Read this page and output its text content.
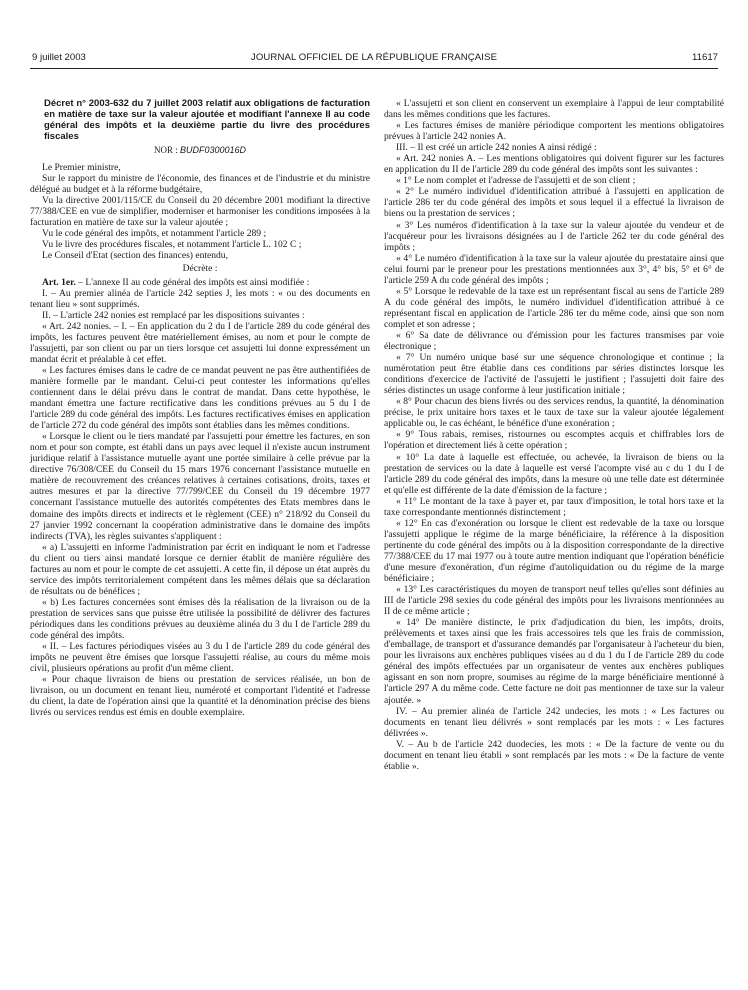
9 juillet 2003	JOURNAL OFFICIEL DE LA RÉPUBLIQUE FRANÇAISE	11617

Décret n° 2003-632 du 7 juillet 2003 relatif aux obligations de facturation en matière de taxe sur la valeur ajoutée et modifiant l'annexe II au code général des impôts et la deuxième partie du livre des procédures fiscales

NOR : BUDF0300016D

Le Premier ministre,

Sur le rapport du ministre de l'économie, des finances et de l'industrie et du ministre délégué au budget et à la réforme budgétaire,

Vu la directive 2001/115/CE du Conseil du 20 décembre 2001 modifiant la directive 77/388/CEE en vue de simplifier, moderniser et harmoniser les conditions imposées à la facturation en matière de taxe sur la valeur ajoutée ;

Vu le code général des impôts, et notamment l'article 289 ;

Vu le livre des procédures fiscales, et notamment l'article L. 102 C ;

Le Conseil d'Etat (section des finances) entendu,

Décrète :

Art. 1er. – L'annexe II au code général des impôts est ainsi modifiée :

I. – Au premier alinéa de l'article 242 septies J, les mots : « ou des documents en tenant lieu » sont supprimés.

II. – L'article 242 nonies est remplacé par les dispositions suivantes :

« Art. 242 nonies. – I. – En application du 2 du I de l'article 289 du code général des impôts, les factures peuvent être matériellement émises, au nom et pour le compte de l'assujetti, par son client ou par un tiers lorsque cet assujetti lui donne expressément un mandat écrit et préalable à cet effet.

« Les factures émises dans le cadre de ce mandat peuvent ne pas être authentifiées de manière formelle par le mandant. Celui-ci peut contester les informations qu'elles contiennent dans le délai prévu dans le contrat de mandat. Dans cette hypothèse, le mandant émettra une facture rectificative dans les conditions prévues au 5 du I de l'article 289 du code général des impôts. Les factures rectificatives émises en application de l'article 272 du code général des impôts sont établies dans les mêmes conditions.

« Lorsque le client ou le tiers mandaté par l'assujetti pour émettre les factures, en son nom et pour son compte, est établi dans un pays avec lequel il n'existe aucun instrument juridique relatif à l'assistance mutuelle ayant une portée similaire à celle prévue par la directive 76/308/CEE du Conseil du 15 mars 1976 concernant l'assistance mutuelle en matière de recouvrement des créances relatives à certaines cotisations, droits, taxes et autres mesures et par la directive 77/799/CEE du Conseil du 19 décembre 1977 concernant l'assistance mutuelle des autorités compétentes des Etats membres dans le domaine des impôts directs et indirects et le règlement (CEE) n° 218/92 du Conseil du 27 janvier 1992 concernant la coopération administrative dans le domaine des impôts indirects (TVA), les règles suivantes s'appliquent :

« a) L'assujetti en informe l'administration par écrit en indiquant le nom et l'adresse du client ou tiers ainsi mandaté lorsque ce dernier établit de manière régulière des factures au nom et pour le compte de cet assujetti. A cette fin, il dépose un état auprès du service des impôts territorialement compétent dans les mêmes délais que sa déclaration de résultats ou de bénéfices ;

« b) Les factures concernées sont émises dès la réalisation de la livraison ou de la prestation de services sans que puisse être utilisée la possibilité de délivrer des factures périodiques dans les conditions prévues au deuxième alinéa du 3 du I de l'article 289 du code général des impôts.

« II. – Les factures périodiques visées au 3 du I de l'article 289 du code général des impôts ne peuvent être émises que lorsque l'assujetti réalise, au cours du même mois civil, plusieurs opérations au profit d'un même client.

« Pour chaque livraison de biens ou prestation de services réalisée, un bon de livraison, ou un document en tenant lieu, numéroté et comportant l'identité et l'adresse du client, la date de l'opération ainsi que la quantité et la dénomination précise des biens livrés ou services rendus est émis en double exemplaire.

« L'assujetti et son client en conservent un exemplaire à l'appui de leur comptabilité dans les mêmes conditions que les factures.

« Les factures émises de manière périodique comportent les mentions obligatoires prévues à l'article 242 nonies A.

III. – Il est créé un article 242 nonies A ainsi rédigé :

« Art. 242 nonies A. – Les mentions obligatoires qui doivent figurer sur les factures en application du II de l'article 289 du code général des impôts sont les suivantes :

« 1° Le nom complet et l'adresse de l'assujetti et de son client ;

« 2° Le numéro individuel d'identification attribué à l'assujetti en application de l'article 286 ter du code général des impôts et sous lequel il a effectué la livraison de biens ou la prestation de services ;

« 3° Les numéros d'identification à la taxe sur la valeur ajoutée du vendeur et de l'acquéreur pour les livraisons désignées au I de l'article 262 ter du code général des impôts ;

« 4° Le numéro d'identification à la taxe sur la valeur ajoutée du prestataire ainsi que celui fourni par le preneur pour les prestations mentionnées aux 3°, 4° bis, 5° et 6° de l'article 259 A du code général des impôts ;

« 5° Lorsque le redevable de la taxe est un représentant fiscal au sens de l'article 289 A du code général des impôts, le numéro individuel d'identification attribué à ce représentant fiscal en application de l'article 286 ter du même code, ainsi que son nom complet et son adresse ;

« 6° Sa date de délivrance ou d'émission pour les factures transmises par voie électronique ;

« 7° Un numéro unique basé sur une séquence chronologique et continue ; la numérotation peut être établie dans ces conditions par séries distinctes lorsque les conditions d'exercice de l'activité de l'assujetti le justifient ; l'assujetti doit faire des séries distinctes un usage conforme à leur justification initiale ;

« 8° Pour chacun des biens livrés ou des services rendus, la quantité, la dénomination précise, le prix unitaire hors taxes et le taux de taxe sur la valeur ajoutée légalement applicable ou, le cas échéant, le bénéfice d'une exonération ;

« 9° Tous rabais, remises, ristournes ou escomptes acquis et chiffrables lors de l'opération et directement liés à cette opération ;

« 10° La date à laquelle est effectuée, ou achevée, la livraison de biens ou la prestation de services ou la date à laquelle est versé l'acompte visé au c du 1 du I de l'article 289 du code général des impôts, dans la mesure où une telle date est déterminée et qu'elle est différente de la date d'émission de la facture ;

« 11° Le montant de la taxe à payer et, par taux d'imposition, le total hors taxe et la taxe correspondante mentionnés distinctement ;

« 12° En cas d'exonération ou lorsque le client est redevable de la taxe ou lorsque l'assujetti applique le régime de la marge bénéficiaire, la référence à la disposition pertinente du code général des impôts ou à la disposition correspondante de la directive 77/388/CEE du 17 mai 1977 ou à toute autre mention indiquant que l'opération bénéficie d'une mesure d'exonération, d'un régime d'autoliquidation ou du régime de la marge bénéficiaire ;

« 13° Les caractéristiques du moyen de transport neuf telles qu'elles sont définies au III de l'article 298 sexies du code général des impôts pour les livraisons mentionnées au II de ce même article ;

« 14° De manière distincte, le prix d'adjudication du bien, les impôts, droits, prélèvements et taxes ainsi que les frais accessoires tels que les frais de commission, d'emballage, de transport et d'assurance demandés par l'organisateur à l'acheteur du bien, pour les livraisons aux enchères publiques visées au d du 1 du I de l'article 289 du code général des impôts effectuées par un organisateur de ventes aux enchères publiques agissant en son nom propre, soumises au régime de la marge bénéficiaire mentionné à l'article 297 A du même code. Cette facture ne doit pas mentionner de taxe sur la valeur ajoutée. »

IV. – Au premier alinéa de l'article 242 undecies, les mots : « Les factures ou documents en tenant lieu délivrés » sont remplacés par les mots : « Les factures délivrées ».

V. – Au b de l'article 242 duodecies, les mots : « De la facture de vente ou du document en tenant lieu établi » sont remplacés par les mots : « De la facture de vente établie ».
